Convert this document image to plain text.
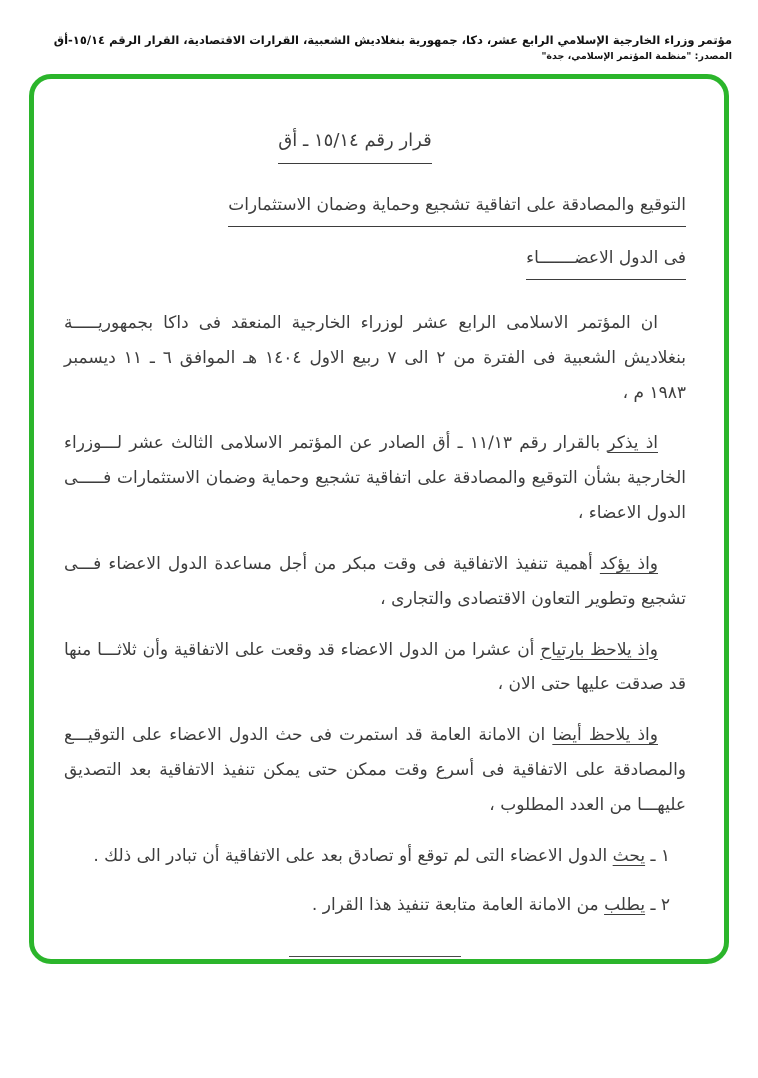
مؤتمر وزراء الخارجية الإسلامي الرابع عشر، دكا، جمهورية بنغلاديش الشعبية، القرارات الاقتصادية، القرار الرقم ١٥/١٤-أق
المصدر: "منظمة المؤتمر الإسلامي، جدة"
قرار رقم ١٥/١٤ ـ أق
التوقيع والمصادقة على اتفاقية تشجيع وحماية وضمان الاستثمارات
فى الدول الاعضـــــــاء

ان المؤتمر الاسلامى الرابع عشر لوزراء الخارجية المنعقد فى داكا بجمهوريـــــة بنغلاديش الشعبية فى الفترة من ٢ الى ٧ ربيع الاول ١٤٠٤ هـ الموافق ٦ ـ ١١ ديسمبر ١٩٨٣ م ،

اذ يذكر بالقرار رقم ١١/١٣ ـ أق الصادر عن المؤتمر الاسلامى الثالث عشر لـــوزراء الخارجية بشأن التوقيع والمصادقة على اتفاقية تشجيع وحماية وضمان الاستثمارات فـــــى الدول الاعضاء ،

واذ يؤكد أهمية تنفيذ الاتفاقية فى وقت مبكر من أجل مساعدة الدول الاعضاء فـــى تشجيع وتطوير التعاون الاقتصادى والتجارى ،

واذ يلاحظ بارتياح أن عشرا من الدول الاعضاء قد وقعت على الاتفاقية وأن ثلاثـــا منها قد صدقت عليها حتى الان ،

واذ يلاحظ أيضا ان الامانة العامة قد استمرت فى حث الدول الاعضاء على التوقيـــع والمصادقة على الاتفاقية فى أسرع وقت ممكن حتى يمكن تنفيذ الاتفاقية بعد التصديق عليهـــا من العدد المطلوب ،

١ ـ يحث الدول الاعضاء التى لم توقع أو تصادق بعد على الاتفاقية أن تبادر الى ذلك .

٢ ـ يطلب من الامانة العامة متابعة تنفيذ هذا القرار .
